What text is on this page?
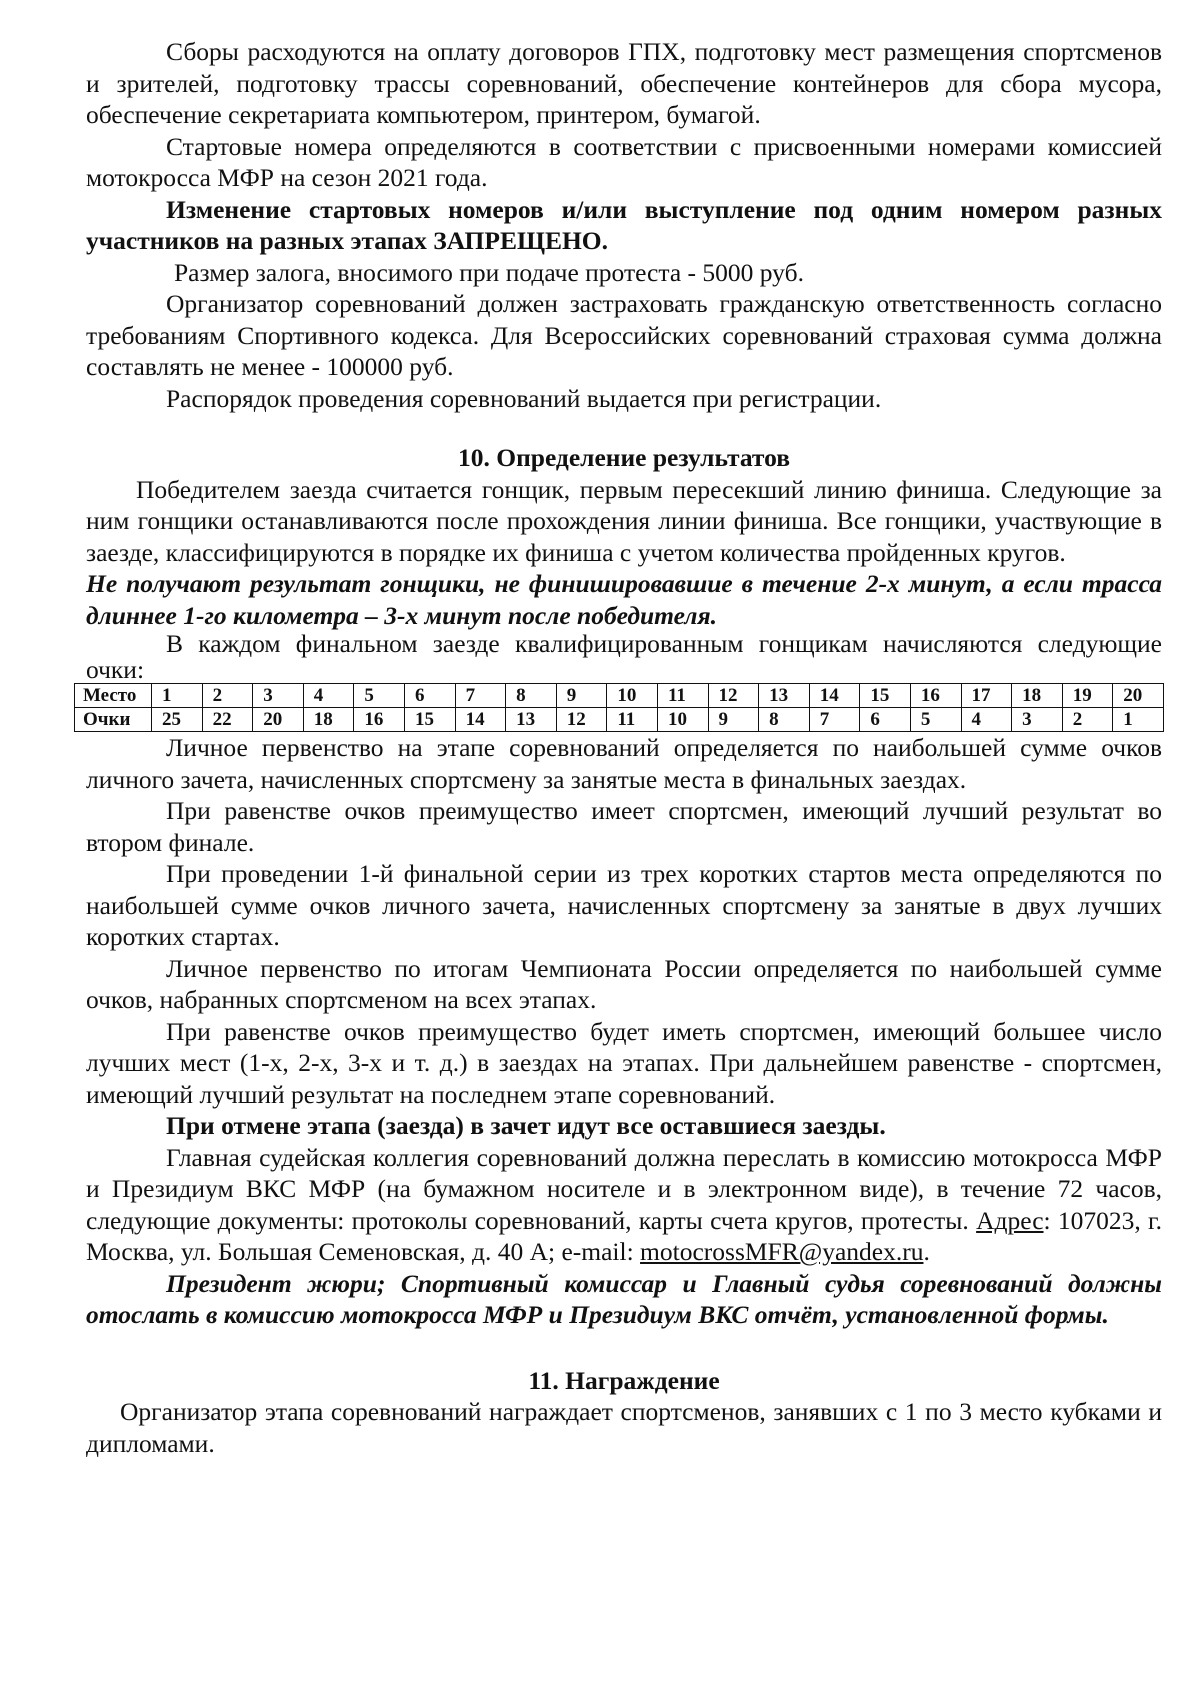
Сборы расходуются на оплату договоров ГПХ, подготовку мест размещения спортсменов и зрителей, подготовку трассы соревнований, обеспечение контейнеров для сбора мусора, обеспечение секретариата компьютером, принтером, бумагой.

Стартовые номера определяются в соответствии с присвоенными номерами комиссией мотокросса МФР на сезон 2021 года.

Изменение стартовых номеров и/или выступление под одним номером разных участников на разных этапах ЗАПРЕЩЕНО.

Размер залога, вносимого при подаче протеста - 5000 руб.

Организатор соревнований должен застраховать гражданскую ответственность согласно требованиям Спортивного кодекса. Для Всероссийских соревнований страховая сумма должна составлять не менее - 100000 руб.

Распорядок проведения соревнований выдается при регистрации.

10. Определение результатов

Победителем заезда считается гонщик, первым пересекший линию финиша. Следующие за ним гонщики останавливаются после прохождения линии финиша. Все гонщики, участвующие в заезде, классифицируются в порядке их финиша с учетом количества пройденных кругов.

Не получают результат гонщики, не финишировавшие в течение 2-х минут, а если трасса длиннее 1-го километра – 3-х минут после победителя.

В каждом финальном заезде квалифицированным гонщикам начисляются следующие очки:

Место	1	2	3	4	5	6	7	8	9	10	11	12	13	14	15	16	17	18	19	20
Очки	25	22	20	18	16	15	14	13	12	11	10	9	8	7	6	5	4	3	2	1

Личное первенство на этапе соревнований определяется по наибольшей сумме очков личного зачета, начисленных спортсмену за занятые места в финальных заездах.

При равенстве очков преимущество имеет спортсмен, имеющий лучший результат во втором финале.

При проведении 1-й финальной серии из трех коротких стартов места определяются по наибольшей сумме очков личного зачета, начисленных спортсмену за занятые в двух лучших коротких стартах.

Личное первенство по итогам Чемпионата России определяется по наибольшей сумме очков, набранных спортсменом на всех этапах.

При равенстве очков преимущество будет иметь спортсмен, имеющий большее число лучших мест (1-х, 2-х, 3-х и т. д.) в заездах на этапах. При дальнейшем равенстве - спортсмен, имеющий лучший результат на последнем этапе соревнований.

При отмене этапа (заезда) в зачет идут все оставшиеся заезды.

Главная судейская коллегия соревнований должна переслать в комиссию мотокросса МФР и Президиум ВКС МФР (на бумажном носителе и в электронном виде), в течение 72 часов, следующие документы: протоколы соревнований, карты счета кругов, протесты. Адрес: 107023, г. Москва, ул. Большая Семеновская, д. 40 А; e-mail: motocrossMFR@yandex.ru.

Президент жюри; Спортивный комиссар и Главный судья соревнований должны отослать в комиссию мотокросса МФР и Президиум ВКС отчёт, установленной формы.

11. Награждение

Организатор этапа соревнований награждает спортсменов, занявших с 1 по 3 место кубками и дипломами.
